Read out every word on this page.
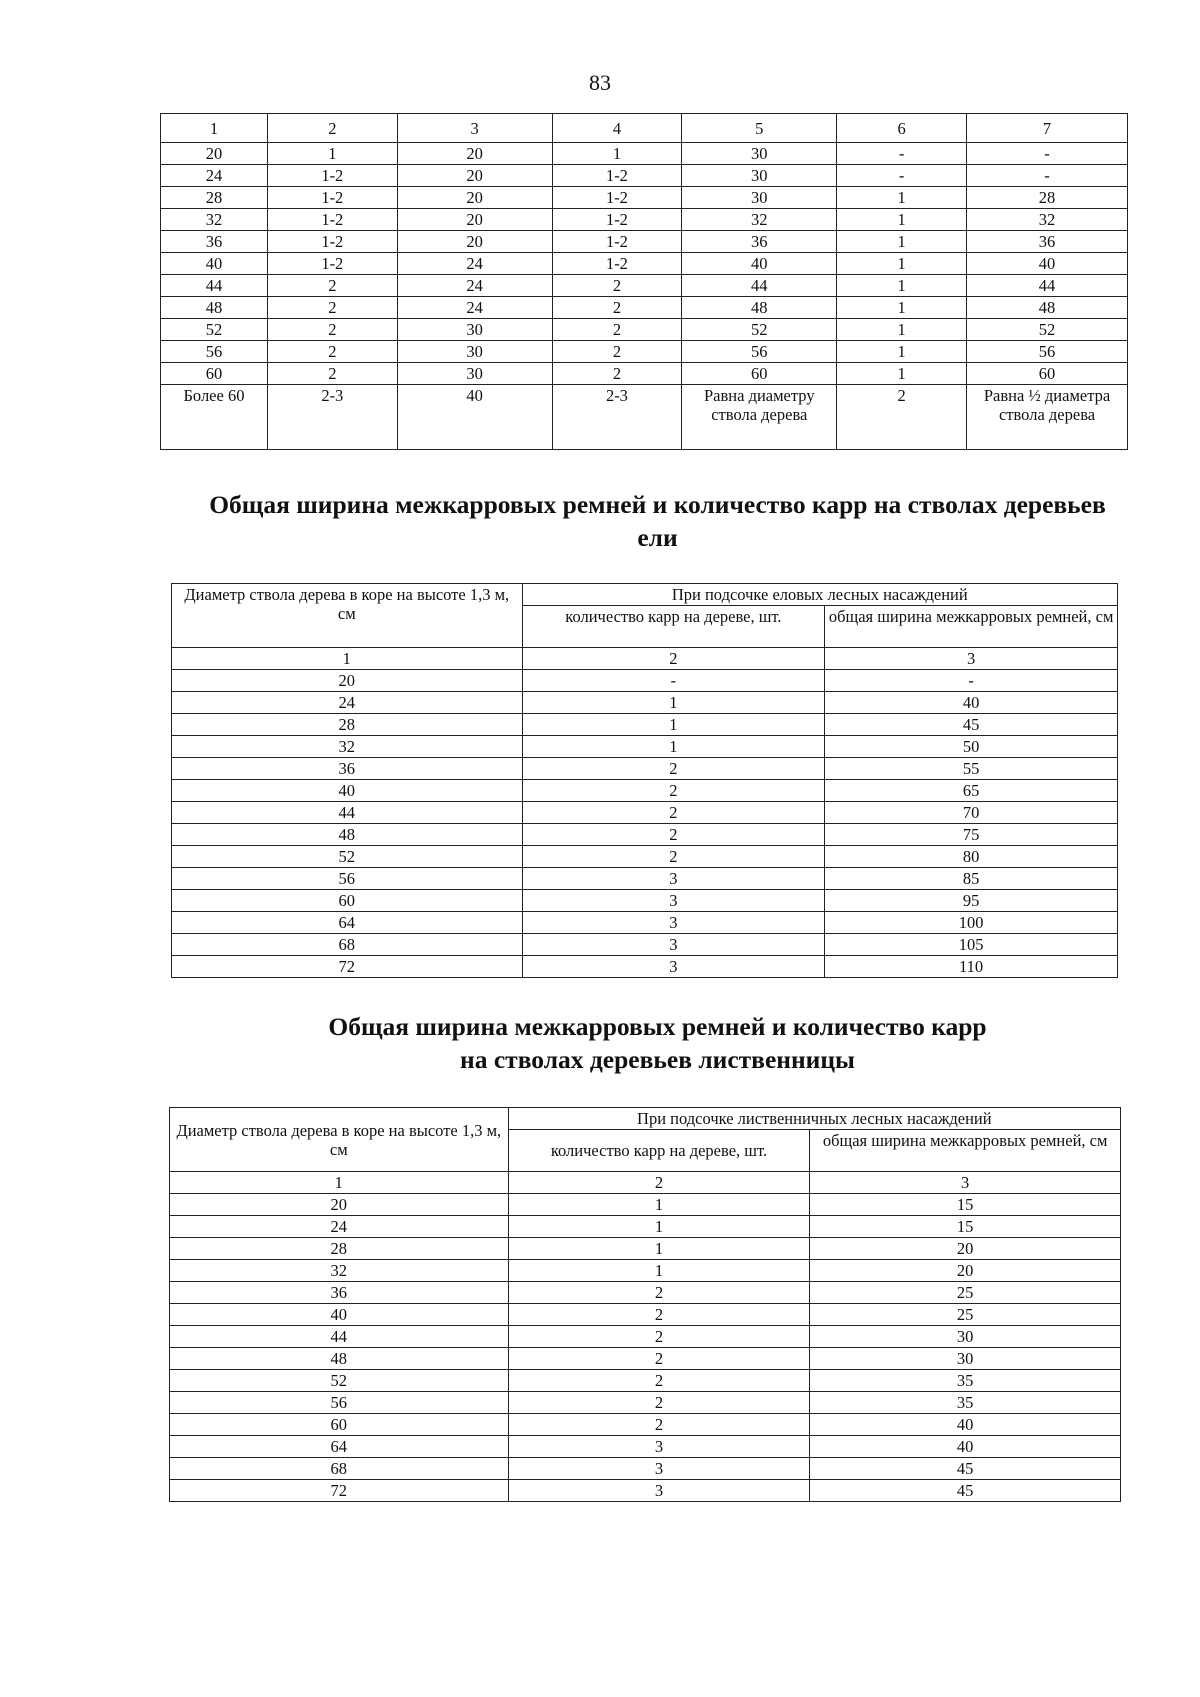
83
1	2	3	4	5	6	7
20	1	20	1	30	-	-
24	1-2	20	1-2	30	-	-
28	1-2	20	1-2	30	1	28
32	1-2	20	1-2	32	1	32
36	1-2	20	1-2	36	1	36
40	1-2	24	1-2	40	1	40
44	2	24	2	44	1	44
48	2	24	2	48	1	48
52	2	30	2	52	1	52
56	2	30	2	56	1	56
60	2	30	2	60	1	60
Более 60	2-3	40	2-3	Равна диаметру ствола дерева	2	Равна ½ диаметра ствола дерева
Общая ширина межкарровых ремней и количество карр на стволах деревьев ели
Диаметр ствола дерева в коре на высоте 1,3 м, см	При подсочке еловых лесных насаждений	
	количество карр на дереве, шт.	общая ширина межкарровых ремней, см
1	2	3
20	-	-
24	1	40
28	1	45
32	1	50
36	2	55
40	2	65
44	2	70
48	2	75
52	2	80
56	3	85
60	3	95
64	3	100
68	3	105
72	3	110
Общая ширина межкарровых ремней и количество карр
на стволах деревьев лиственницы
Диаметр ствола дерева в коре на высоте 1,3 м, см	При подсочке лиственничных лесных насаждений	
	количество карр на дереве, шт.	общая ширина межкарровых ремней, см
1	2	3
20	1	15
24	1	15
28	1	20
32	1	20
36	2	25
40	2	25
44	2	30
48	2	30
52	2	35
56	2	35
60	2	40
64	3	40
68	3	45
72	3	45
